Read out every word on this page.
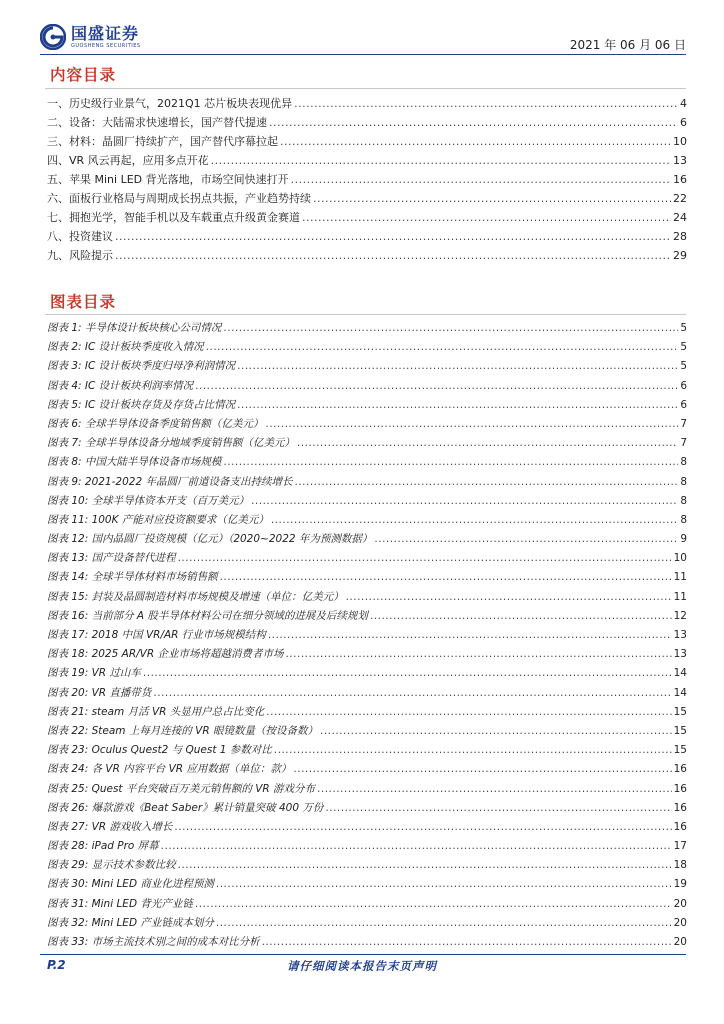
国盛证券
GUOSHENG SECURITIES	2021 年 06 月 06 日
内容目录
一、历史级行业景气，2021Q1 芯片板块表现优异 .....	4
二、设备：大陆需求快速增长，国产替代提速 .....	6
三、材料：晶圆厂持续扩产，国产替代序幕拉起 .....	10
四、VR 风云再起，应用多点开花 .....	13
五、苹果 Mini LED 背光落地，市场空间快速打开 .....	16
六、面板行业格局与周期成长拐点共振，产业趋势持续 .....	22
七、拥抱光学，智能手机以及车载重点升级黄金赛道 .....	24
八、投资建议 .....	28
九、风险提示 .....	29
图表目录
图表 1: 半导体设计板块核心公司情况 .....	5
图表 2: IC 设计板块季度收入情况 .....	5
图表 3: IC 设计板块季度归母净利润情况 .....	5
图表 4: IC 设计板块利润率情况 .....	6
图表 5: IC 设计板块存货及存货占比情况 .....	6
图表 6: 全球半导体设备季度销售额（亿美元） .....	7
图表 7: 全球半导体设备分地域季度销售额（亿美元） .....	7
图表 8: 中国大陆半导体设备市场规模 .....	8
图表 9: 2021-2022 年晶圆厂前道设备支出持续增长 .....	8
图表 10: 全球半导体资本开支（百万美元） .....	8
图表 11: 100K 产能对应投资额要求（亿美元） .....	8
图表 12: 国内晶圆厂投资规模（亿元）（2020~2022 年为预测数据） .....	9
图表 13: 国产设备替代进程 .....	10
图表 14: 全球半导体材料市场销售额 .....	11
图表 15: 封装及晶圆制造材料市场规模及增速（单位：亿美元） .....	11
图表 16: 当前部分 A 股半导体材料公司在细分领域的进展及后续规划 .....	12
图表 17: 2018 中国 VR/AR 行业市场规模结构 .....	13
图表 18: 2025 AR/VR 企业市场将超越消费者市场 .....	13
图表 19: VR 过山车 .....	14
图表 20: VR 直播带货 .....	14
图表 21: steam 月活 VR 头显用户总占比变化 .....	15
图表 22: Steam 上每月连接的 VR 眼镜数量（按设备数） .....	15
图表 23: Oculus Quest2 与 Quest 1 参数对比 .....	15
图表 24: 各 VR 内容平台 VR 应用数据（单位：款） .....	16
图表 25: Quest 平台突破百万美元销售额的 VR 游戏分布 .....	16
图表 26: 爆款游戏《Beat Saber》累计销量突破 400 万份 .....	16
图表 27: VR 游戏收入增长 .....	16
图表 28: iPad Pro 屏幕 .....	17
图表 29: 显示技术参数比较 .....	18
图表 30: Mini LED 商业化进程预测 .....	19
图表 31: Mini LED 背光产业链 .....	20
图表 32: Mini LED 产业链成本划分 .....	20
图表 33: 市场主流技术别之间的成本对比分析 .....	20
P.2	请仔细阅读本报告末页声明
